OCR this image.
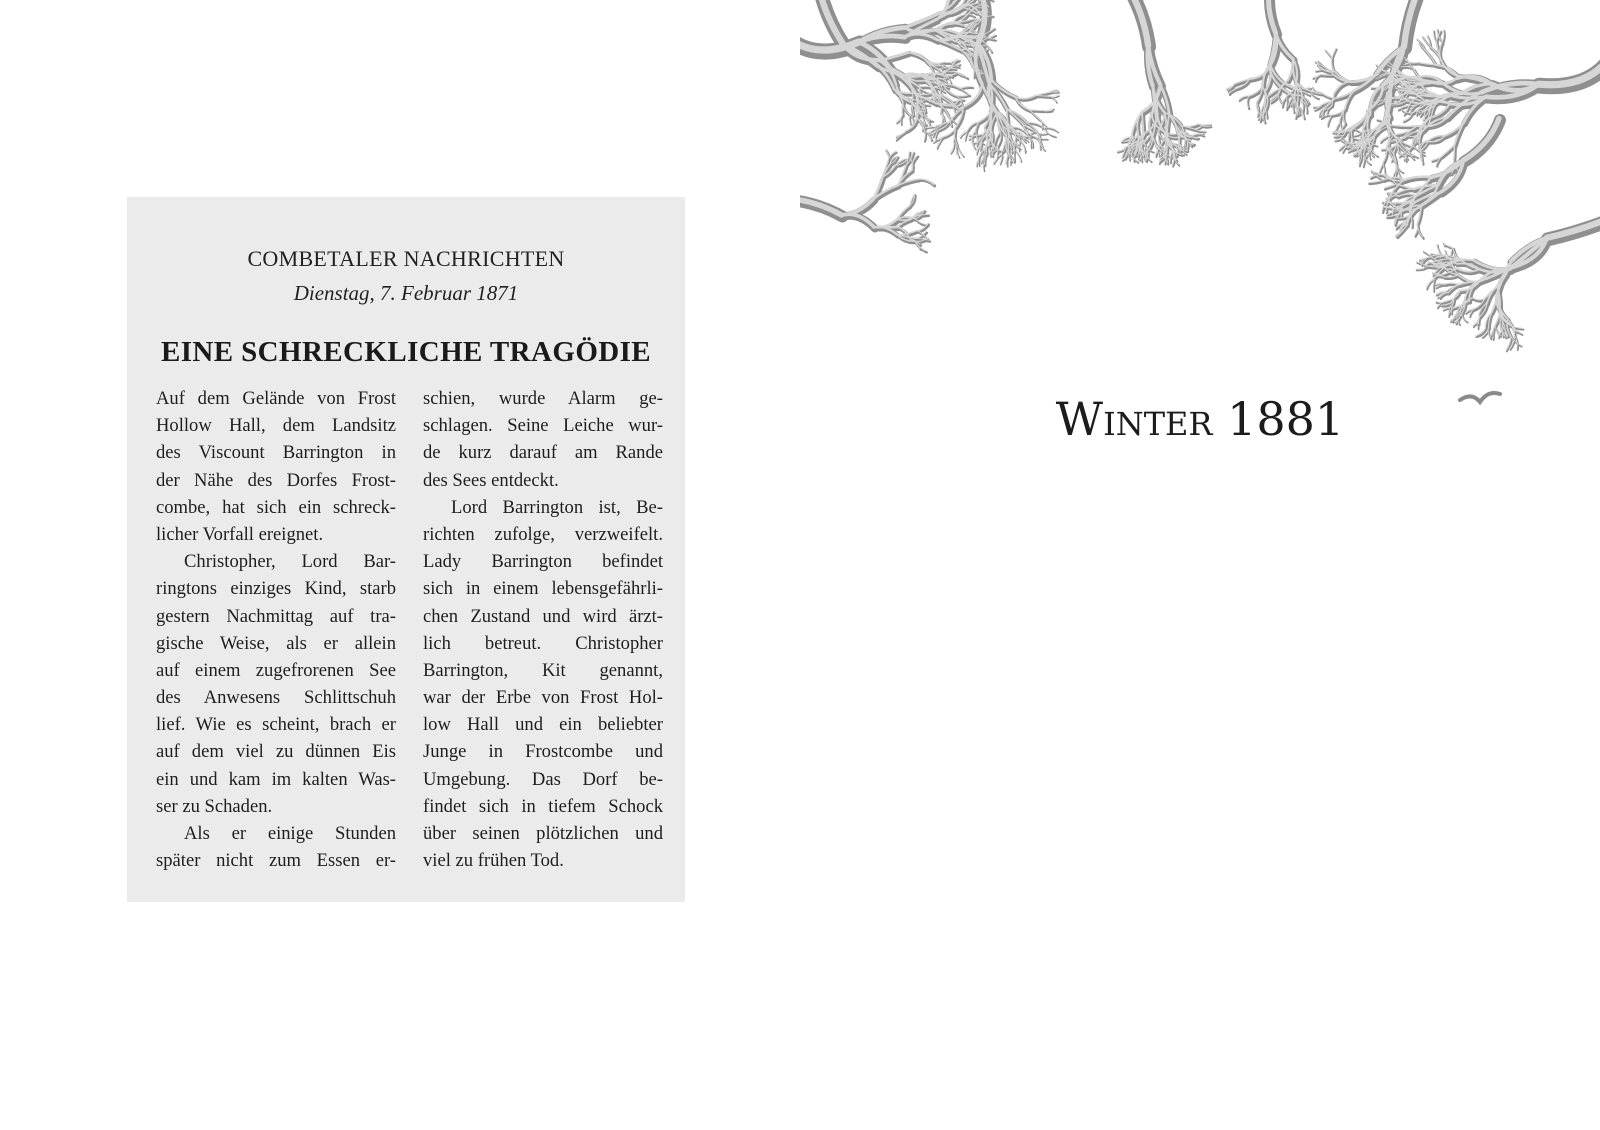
COMBETALER NACHRICHTEN
Dienstag, 7. Februar 1871
EINE SCHRECKLICHE TRAGÖDIE
Auf dem Gelände von Frost
Hollow Hall, dem Landsitz
des Viscount Barrington in
der Nähe des Dorfes Frost-
combe, hat sich ein schreck-
licher Vorfall ereignet.
Christopher, Lord Bar-
ringtons einziges Kind, starb
gestern Nachmittag auf tra-
gische Weise, als er allein
auf einem zugefrorenen See
des Anwesens Schlittschuh
lief. Wie es scheint, brach er
auf dem viel zu dünnen Eis
ein und kam im kalten Was-
ser zu Schaden.
Als er einige Stunden
später nicht zum Essen er-
schien, wurde Alarm ge-
schlagen. Seine Leiche wur-
de kurz darauf am Rande
des Sees entdeckt.
Lord Barrington ist, Be-
richten zufolge, verzweifelt.
Lady Barrington befindet
sich in einem lebensgefährli-
chen Zustand und wird ärzt-
lich betreut. Christopher
Barrington, Kit genannt,
war der Erbe von Frost Hol-
low Hall und ein beliebter
Junge in Frostcombe und
Umgebung. Das Dorf be-
findet sich in tiefem Schock
über seinen plötzlichen und
viel zu frühen Tod.
Winter 1881
